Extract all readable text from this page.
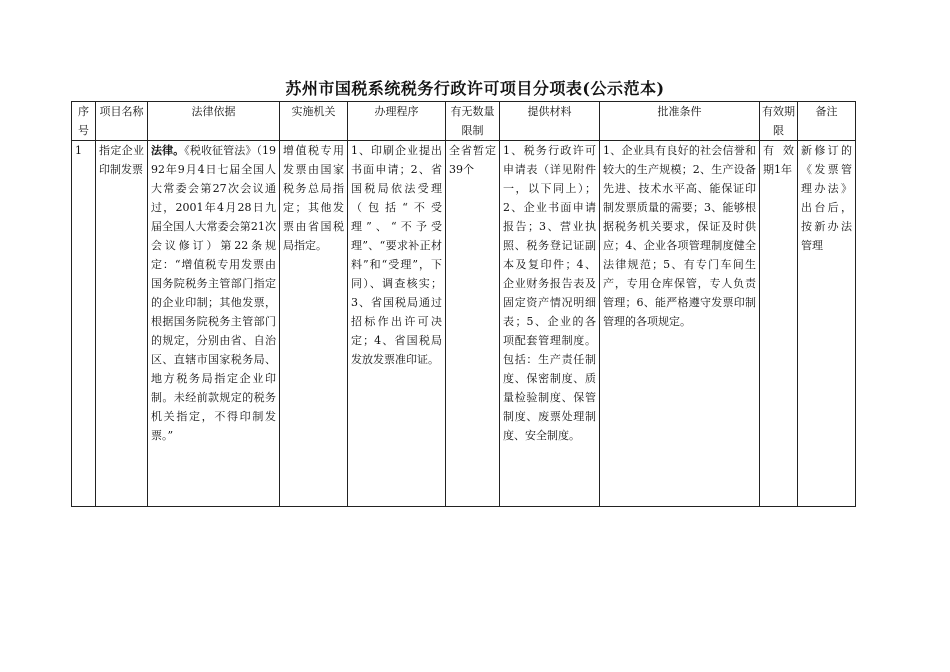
苏州市国税系统税务行政许可项目分项表(公示范本)
序号	项目名称	法律依据	实施机关	办理程序	有无数量限制	提供材料	批准条件	有效期限	备注
1	指定企业印制发票	法律。《税收征管法》（1992年9月4日七届全国人大常委会第27次会议通过，2001年4月28日九届全国人大常委会第21次会议修订）第22条规定：“增值税专用发票由国务院税务主管部门指定的企业印制；其他发票，根据国务院税务主管部门的规定，分别由省、自治区、直辖市国家税务局、地方税务局指定企业印制。未经前款规定的税务机关指定，不得印制发票。”	增值税专用发票由国家税务总局指定；其他发票由省国税局指定。	1、印刷企业提出书面申请；2、省国税局依法受理（包括“不受理”、“不予受理”、“要求补正材料”和“受理”，下同）、调查核实；3、省国税局通过招标作出许可决定；4、省国税局发放发票准印证。	全省暂定39个	1、税务行政许可申请表（详见附件一，以下同上）；2、企业书面申请报告；3、营业执照、税务登记证副本及复印件；4、企业财务报告表及固定资产情况明细表；5、企业的各项配套管理制度。包括：生产责任制度、保密制度、质量检验制度、保管制度、废票处理制度、安全制度。	1、企业具有良好的社会信誉和较大的生产规模；2、生产设备先进、技术水平高、能保证印制发票质量的需要；3、能够根据税务机关要求，保证及时供应；4、企业各项管理制度健全法律规范；5、有专门车间生产，专用仓库保管，专人负责管理；6、能严格遵守发票印制管理的各项规定。	有效期1年	新修订的《发票管理办法》出台后，按新办法管理
